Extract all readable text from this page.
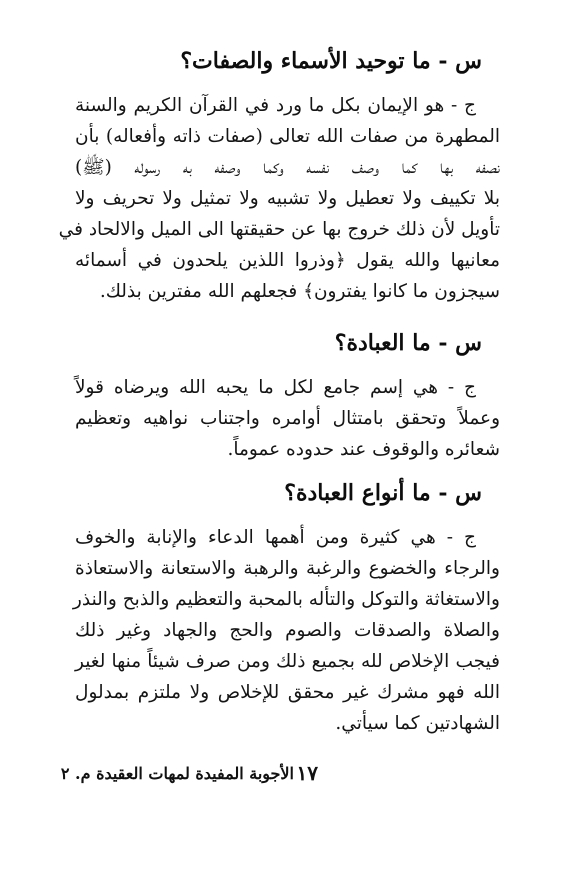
س - ما توحيد الأسماء والصفات؟
ج - هو الإيمان بكل ما ورد في القرآن الكريم والسنة
المطهرة من صفات الله تعالى (صفات ذاته وأفعاله) بأن
نصفه بها كما وصف نفسه وكما وصفه به رسوله (ﷺ)
بلا تكييف ولا تعطيل ولا تشبيه ولا تمثيل ولا تحريف ولا
تأويل لأن ذلك خروج بها عن حقيقتها الى الميل والالحاد في
معانيها والله يقول ﴿وذروا اللذين يلحدون في أسمائه
سيجزون ما كانوا يفترون﴾ فجعلهم الله مفترين بذلك.
س - ما العبادة؟
ج - هي إسم جامع لكل ما يحبه الله ويرضاه قولاً
وعملاً وتحقق بامتثال أوامره واجتناب نواهيه وتعظيم
شعائره والوقوف عند حدوده عموماً.
س - ما أنواع العبادة؟
ج - هي كثيرة ومن أهمها الدعاء والإنابة والخوف
والرجاء والخضوع والرغبة والرهبة والاستعانة والاستعاذة
والاستغاثة والتوكل والتأله بالمحبة والتعظيم والذبح والنذر
والصلاة والصدقات والصوم والحج والجهاد وغير ذلك
فيجب الإخلاص لله بجميع ذلك ومن صرف شيئاً منها لغير
الله فهو مشرك غير محقق للإخلاص ولا ملتزم بمدلول
الشهادتين كما سيأتي.
١٧
الأجوبة المفيدة لمهات العقيدة م. ٢
